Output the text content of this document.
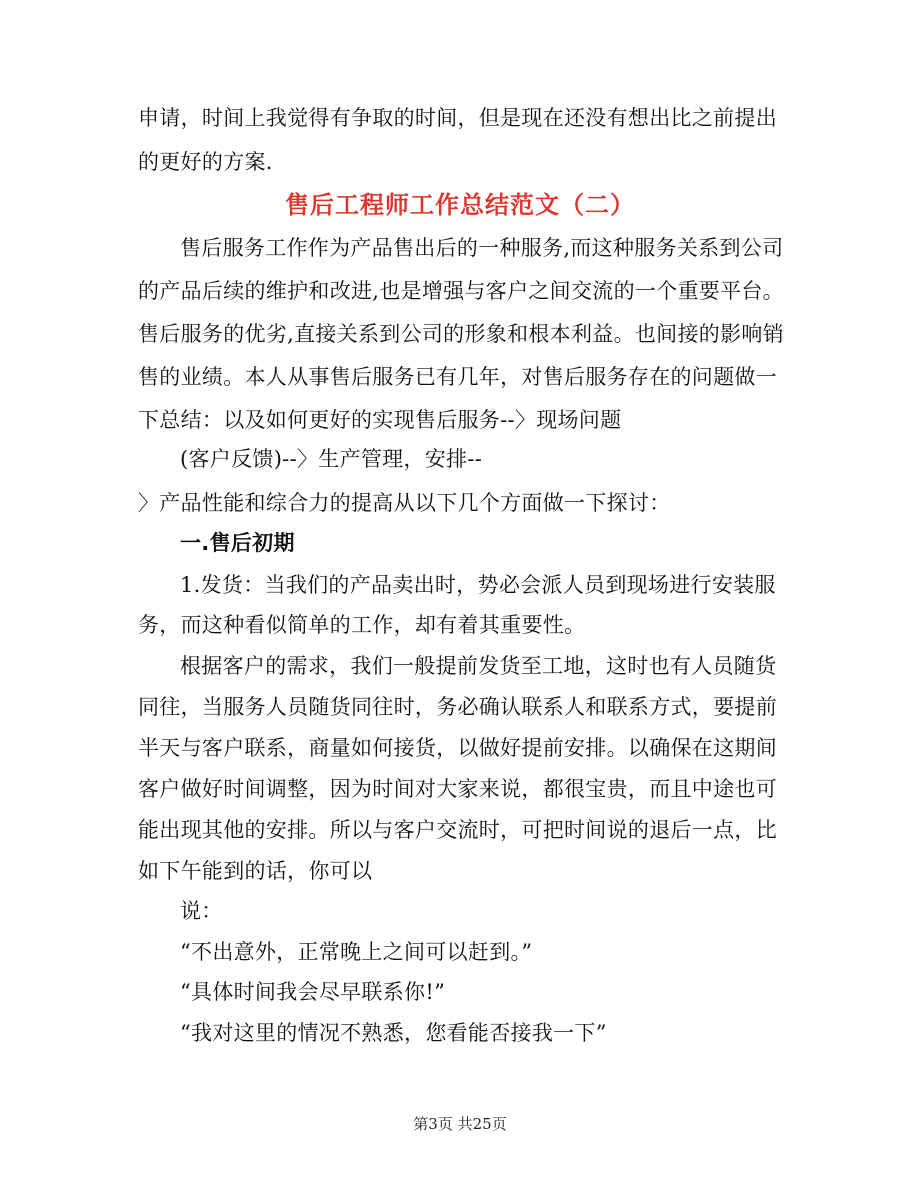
申请，时间上我觉得有争取的时间，但是现在还没有想出比之前提出
的更好的方案.
售后工程师工作总结范文（二）
售后服务工作作为产品售出后的一种服务,而这种服务关系到公司
的产品后续的维护和改进,也是增强与客户之间交流的一个重要平台。
售后服务的优劣,直接关系到公司的形象和根本利益。也间接的影响销
售的业绩。本人从事售后服务已有几年，对售后服务存在的问题做一
下总结：以及如何更好的实现售后服务--〉现场问题
(客户反馈)--〉生产管理，安排--
〉产品性能和综合力的提高从以下几个方面做一下探讨：
一.售后初期
1.发货：当我们的产品卖出时，势必会派人员到现场进行安装服
务，而这种看似简单的工作，却有着其重要性。
根据客户的需求，我们一般提前发货至工地，这时也有人员随货
同往，当服务人员随货同往时，务必确认联系人和联系方式，要提前
半天与客户联系，商量如何接货，以做好提前安排。以确保在这期间
客户做好时间调整，因为时间对大家来说，都很宝贵，而且中途也可
能出现其他的安排。所以与客户交流时，可把时间说的退后一点，比
如下午能到的话，你可以
说：
“不出意外，正常晚上之间可以赶到。”
“具体时间我会尽早联系你!”
“我对这里的情况不熟悉，您看能否接我一下”
第3页 共25页
